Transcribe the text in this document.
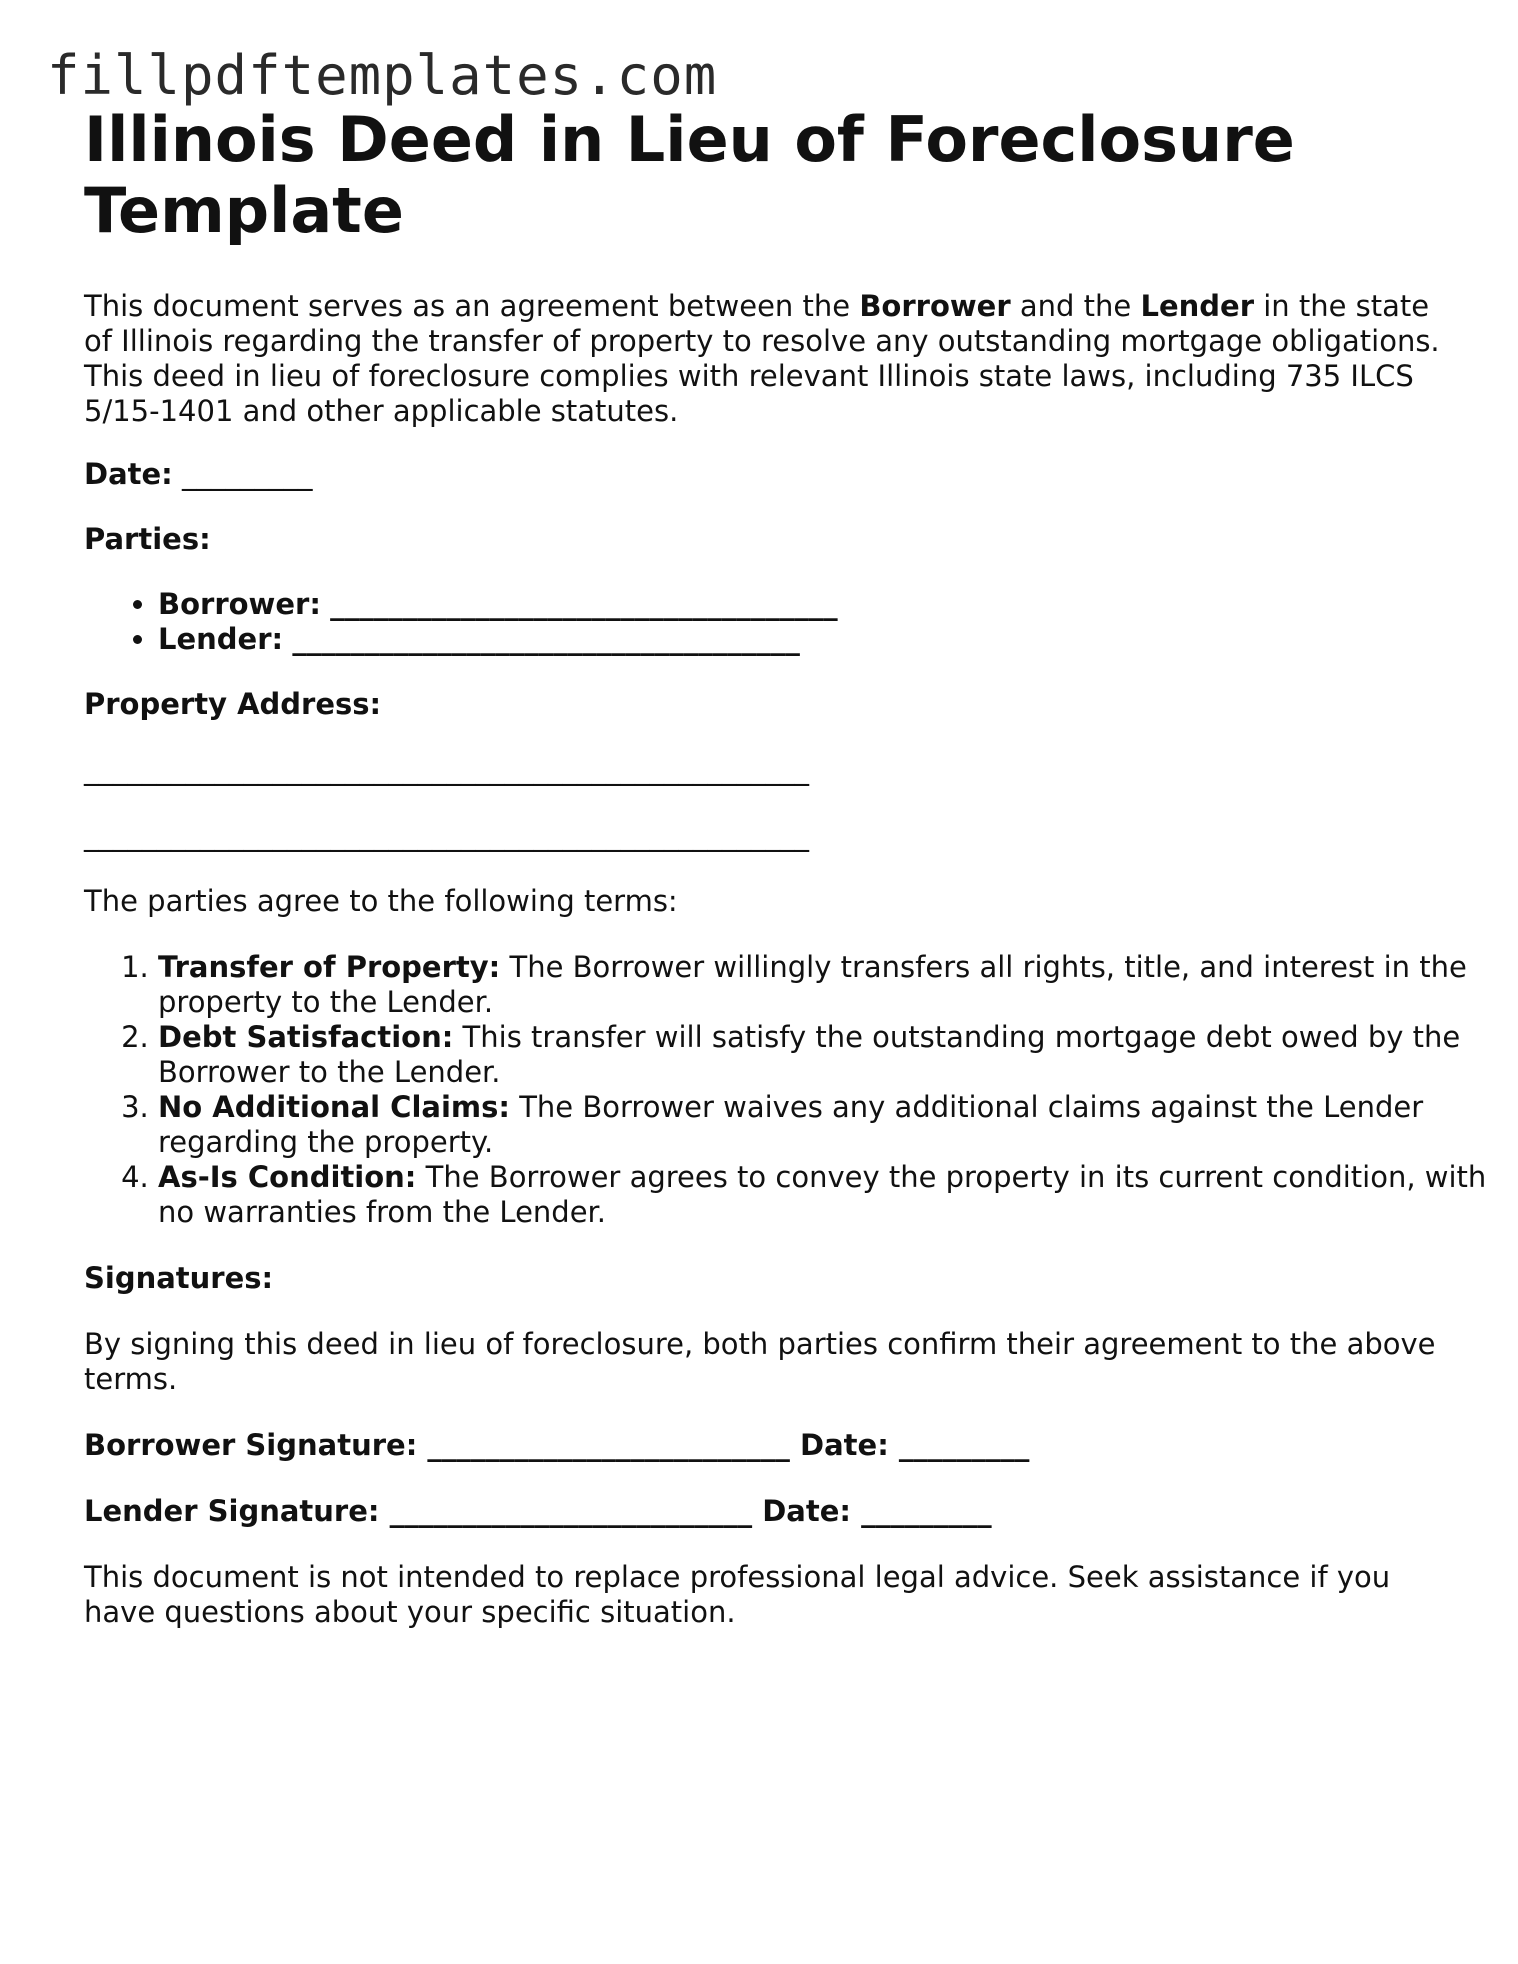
fillpdftemplates.com
Illinois Deed in Lieu of Foreclosure Template

This document serves as an agreement between the Borrower and the Lender in the state of Illinois regarding the transfer of property to resolve any outstanding mortgage obligations. This deed in lieu of foreclosure complies with relevant Illinois state laws, including 735 ILCS 5/15-1401 and other applicable statutes.

Date: _________

Parties:

• Borrower: ___________________________________
• Lender: ___________________________________

Property Address:

__________________________________________________

__________________________________________________

The parties agree to the following terms:

1. Transfer of Property: The Borrower willingly transfers all rights, title, and interest in the property to the Lender.
2. Debt Satisfaction: This transfer will satisfy the outstanding mortgage debt owed by the Borrower to the Lender.
3. No Additional Claims: The Borrower waives any additional claims against the Lender regarding the property.
4. As-Is Condition: The Borrower agrees to convey the property in its current condition, with no warranties from the Lender.

Signatures:

By signing this deed in lieu of foreclosure, both parties confirm their agreement to the above terms.

Borrower Signature: _________________________ Date: _________

Lender Signature: _________________________ Date: _________

This document is not intended to replace professional legal advice. Seek assistance if you have questions about your specific situation.
